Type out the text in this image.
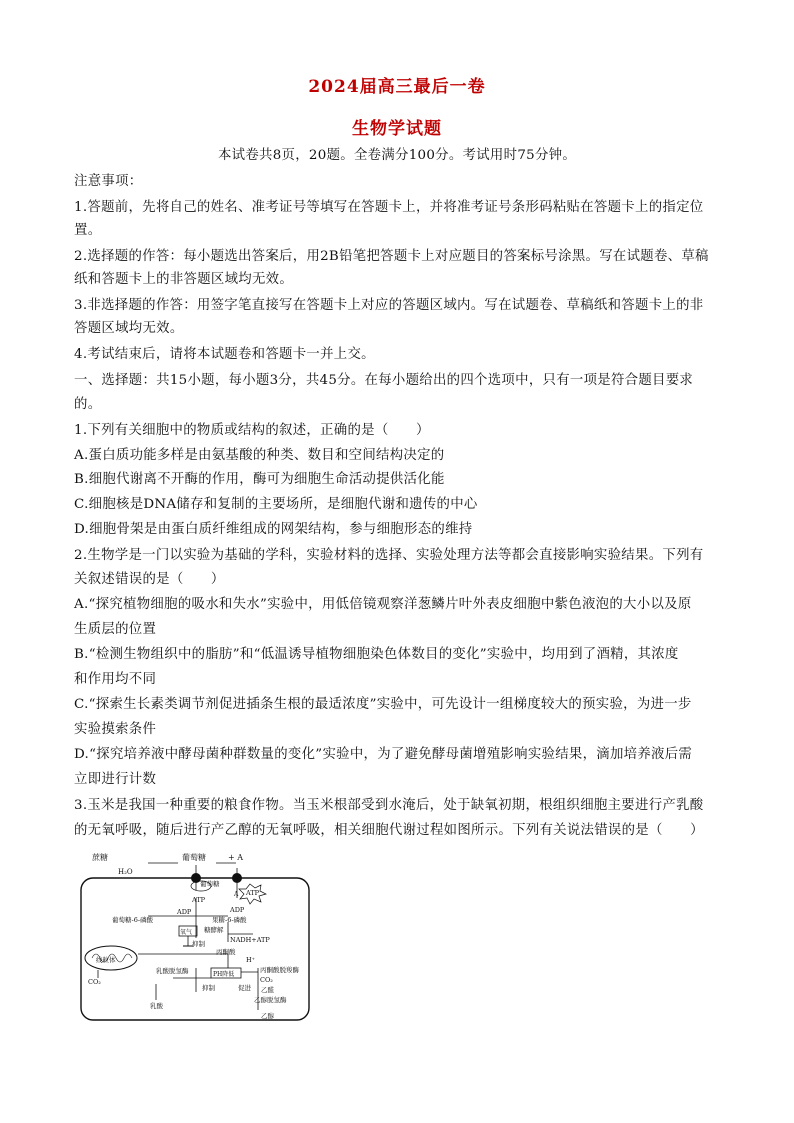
2024届高三最后一卷
生物学试题
本试卷共8页，20题。全卷满分100分。考试用时75分钟。
注意事项：
1.答题前，先将自己的姓名、准考证号等填写在答题卡上，并将准考证号条形码粘贴在答题卡上的指定位
置。
2.选择题的作答：每小题选出答案后，用2B铅笔把答题卡上对应题目的答案标号涂黑。写在试题卷、草稿
纸和答题卡上的非答题区域均无效。
3.非选择题的作答：用签字笔直接写在答题卡上对应的答题区域内。写在试题卷、草稿纸和答题卡上的非
答题区域均无效。
4.考试结束后，请将本试题卷和答题卡一并上交。
一、选择题：共15小题，每小题3分，共45分。在每小题给出的四个选项中，只有一项是符合题目要求
的。
1.下列有关细胞中的物质或结构的叙述，正确的是（　　）
A.蛋白质功能多样是由氨基酸的种类、数目和空间结构决定的
B.细胞代谢离不开酶的作用，酶可为细胞生命活动提供活化能
C.细胞核是DNA储存和复制的主要场所，是细胞代谢和遗传的中心
D.细胞骨架是由蛋白质纤维组成的网架结构，参与细胞形态的维持
2.生物学是一门以实验为基础的学科，实验材料的选择、实验处理方法等都会直接影响实验结果。下列有
关叙述错误的是（　　）
A.“探究植物细胞的吸水和失水”实验中，用低倍镜观察洋葱鳞片叶外表皮细胞中紫色液泡的大小以及原
生质层的位置
B.“检测生物组织中的脂肪”和“低温诱导植物细胞染色体数目的变化”实验中，均用到了酒精，其浓度
和作用均不同
C.“探索生长素类调节剂促进插条生根的最适浓度”实验中，可先设计一组梯度较大的预实验，为进一步
实验摸索条件
D.“探究培养液中酵母菌种群数量的变化”实验中，为了避免酵母菌增殖影响实验结果，滴加培养液后需
立即进行计数
3.玉米是我国一种重要的粮食作物。当玉米根部受到水淹后，处于缺氧初期，根组织细胞主要进行产乳酸
的无氧呼吸，随后进行产乙醇的无氧呼吸，相关细胞代谢过程如图所示。下列有关说法错误的是（　　）
蔗糖
H₂O
葡萄糖	+ A
葡萄糖
ATP
ADP
葡萄糖-6-磷酸
ATP
ADP
果糖-6-磷酸
糖酵解
NADH+ATP
氧气
抑制
线粒体
CO₂
丙酮酸
H⁺
乳酸脱氢酶	PH降低
丙酮酸脱羧酶
抑制	促进
CO₂
乳酸
乙醛
乙醇脱氢酶
乙醇
A
